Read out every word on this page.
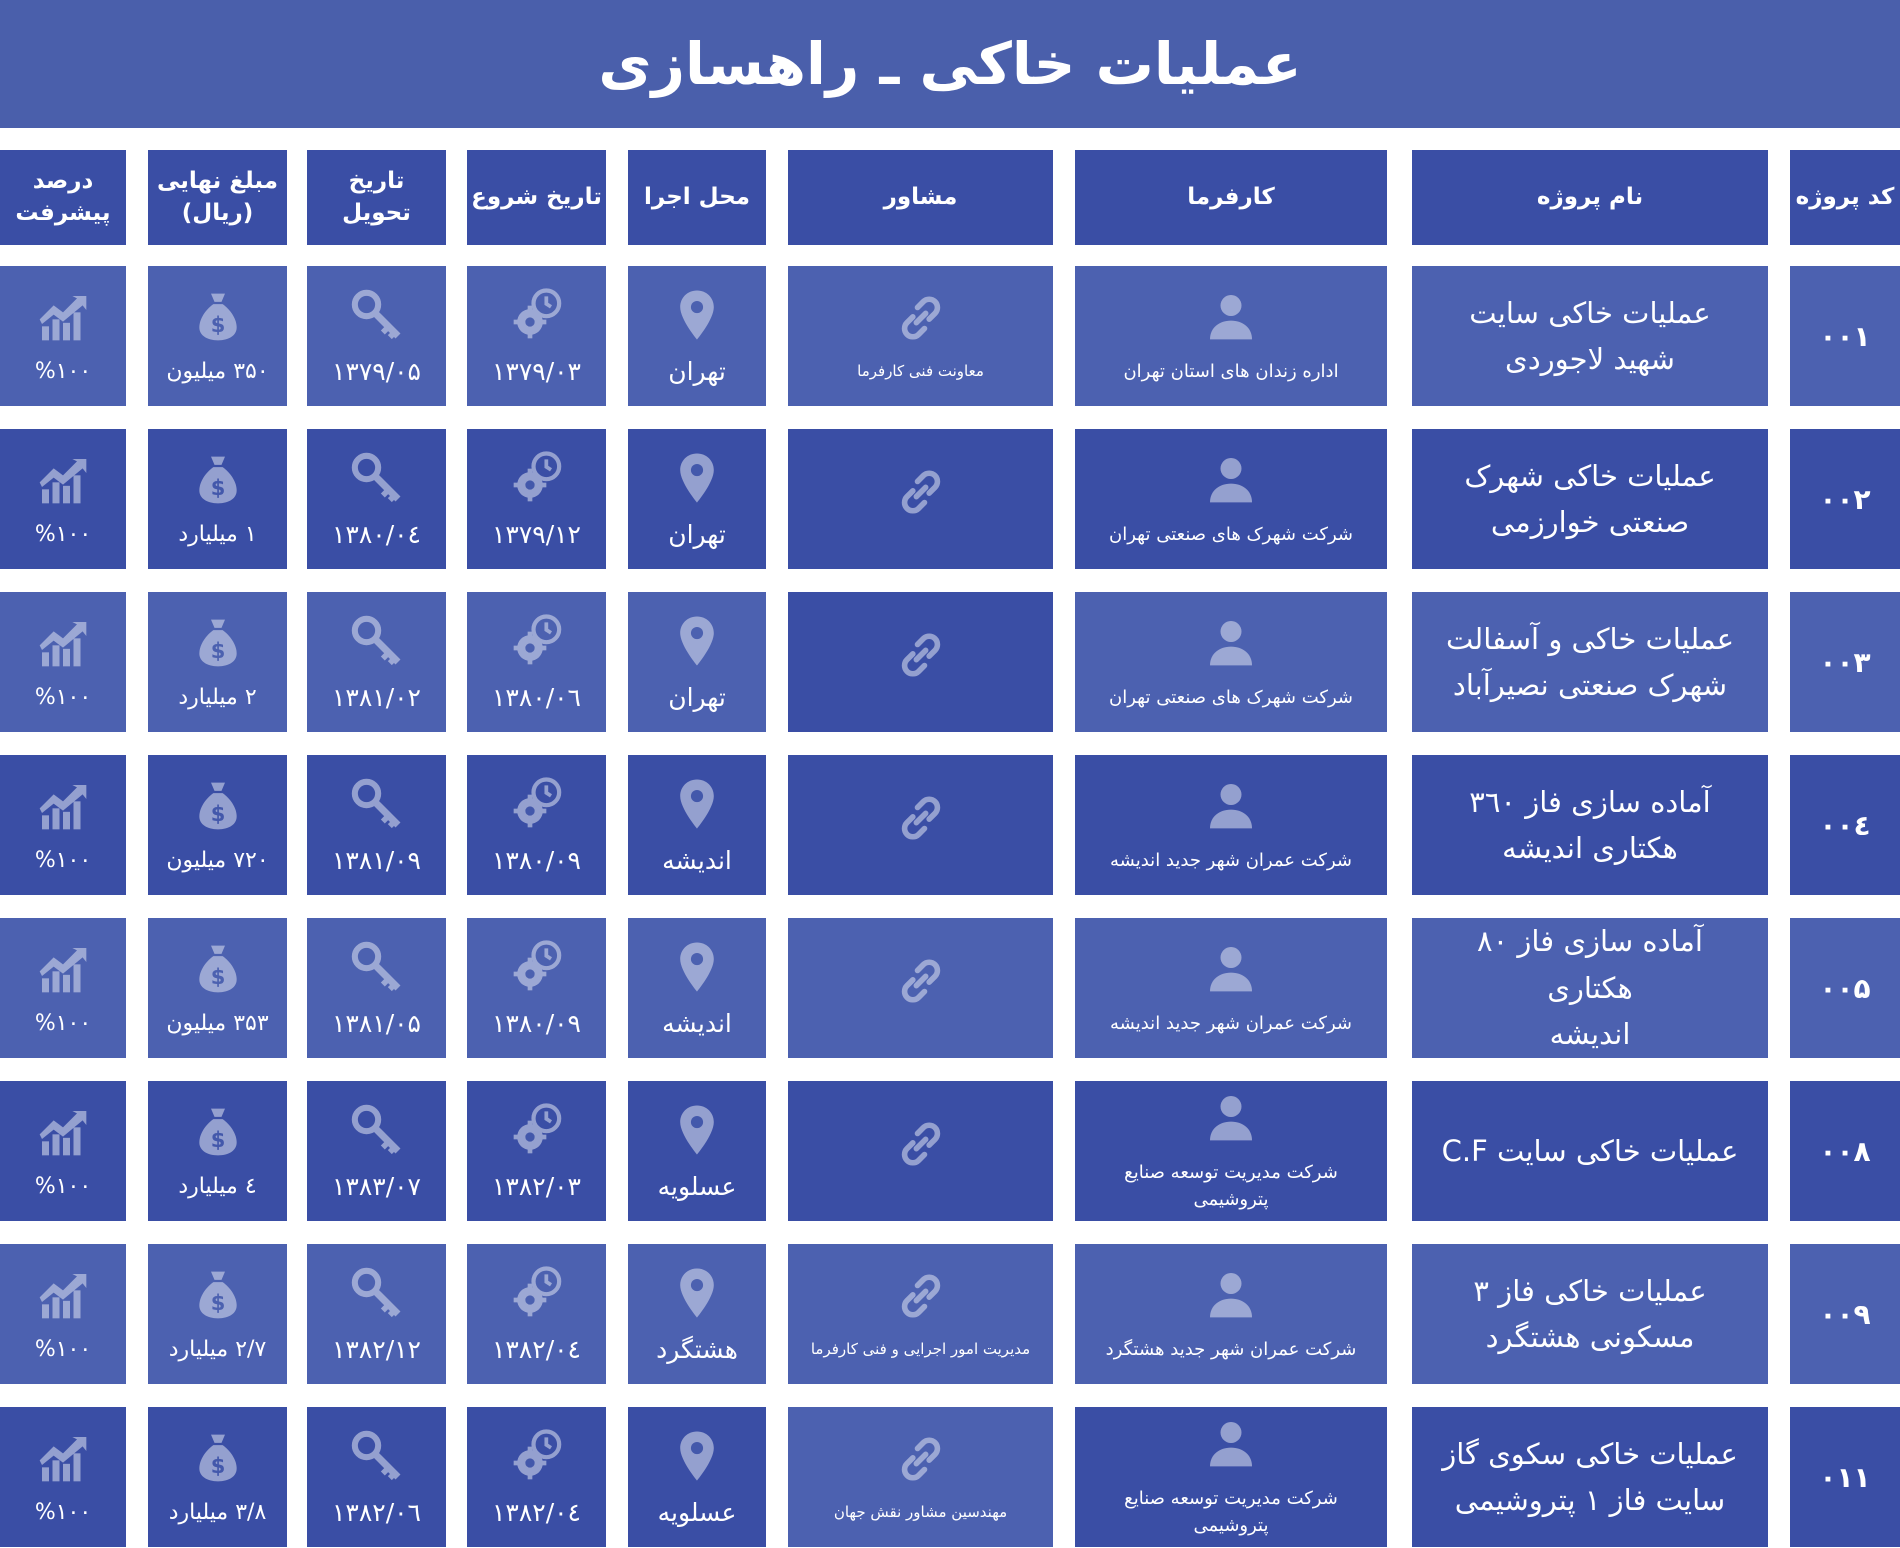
عملیات خاکی ـ راهسازی
کد پروژه
نام پروژه
کارفرما
مشاور
محل اجرا
تاریخ شروع
تاریخ تحویل
مبلغ نهایی
(ریال)
درصد
پیشرفت
۰۰۱
عملیات خاکی سایت
شهید لاجوردی
اداره زندان های استان تهران
معاونت فنی کارفرما
تهران
۱۳۷۹/۰۳
۱۳۷۹/۰۵
$
۳۵۰ میلیون
%۱۰۰
۰۰۲
عملیات خاکی شهرک
صنعتی خوارزمی
شرکت شهرک های صنعتی تهران
تهران
۱۳۷۹/۱۲
۱۳۸۰/۰٤
$
۱ میلیارد
%۱۰۰
۰۰۳
عملیات خاکی و آسفالت
شهرک صنعتی نصیرآباد
شرکت شهرک های صنعتی تهران
تهران
۱۳۸۰/۰٦
۱۳۸۱/۰۲
$
۲ میلیارد
%۱۰۰
۰۰٤
آماده سازی فاز ۳٦۰
هکتاری اندیشه
شرکت عمران شهر جدید اندیشه
اندیشه
۱۳۸۰/۰۹
۱۳۸۱/۰۹
$
۷۲۰ میلیون
%۱۰۰
۰۰۵
آماده سازی فاز ۸۰ هکتاری
اندیشه
شرکت عمران شهر جدید اندیشه
اندیشه
۱۳۸۰/۰۹
۱۳۸۱/۰۵
$
۳۵۳ میلیون
%۱۰۰
۰۰۸
عملیات خاکی سایت C.F
شرکت مدیریت توسعه صنایع
پتروشیمی
عسلویه
۱۳۸۲/۰۳
۱۳۸۳/۰۷
$
٤ میلیارد
%۱۰۰
۰۰۹
عملیات خاکی فاز ۳
مسکونی هشتگرد
شرکت عمران شهر جدید هشتگرد
مدیریت امور اجرایی و فنی کارفرما
هشتگرد
۱۳۸۲/۰٤
۱۳۸۲/۱۲
$
۲/۷ میلیارد
%۱۰۰
۰۱۱
عملیات خاکی سکوی گاز
سایت فاز ۱ پتروشیمی
شرکت مدیریت توسعه صنایع
پتروشیمی
مهندسین مشاور نقش جهان
عسلویه
۱۳۸۲/۰٤
۱۳۸۲/۰٦
$
۳/۸ میلیارد
%۱۰۰
